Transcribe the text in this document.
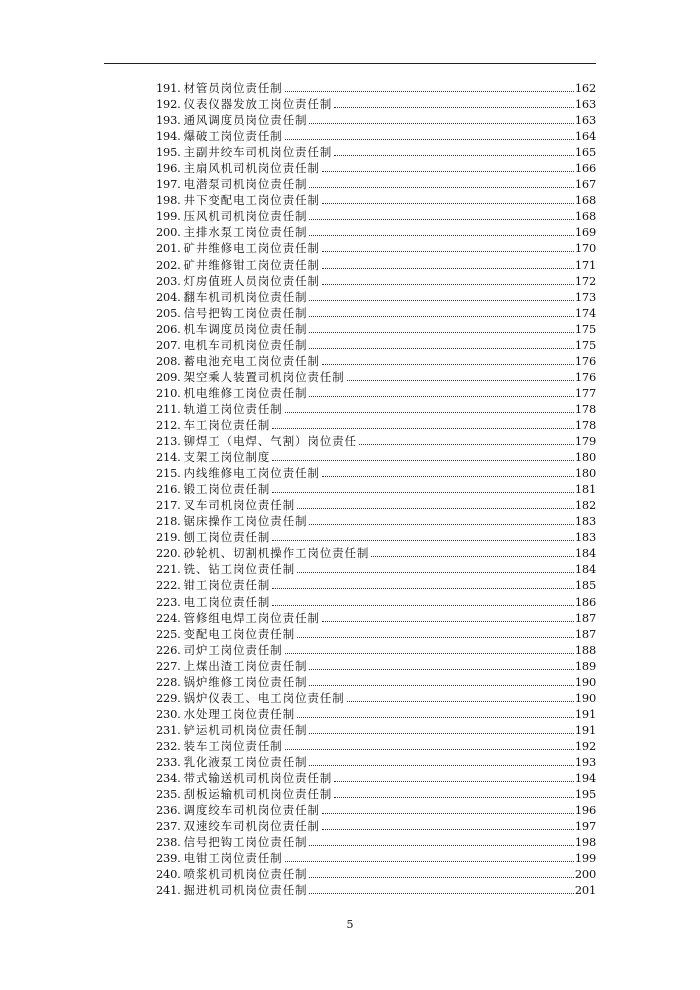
191. 材管员岗位责任制	162
192. 仪表仪器发放工岗位责任制	163
193. 通风调度员岗位责任制	163
194. 爆破工岗位责任制	164
195. 主副井绞车司机岗位责任制	165
196. 主扇风机司机岗位责任制	166
197. 电潜泵司机岗位责任制	167
198. 井下变配电工岗位责任制	168
199. 压风机司机岗位责任制	168
200. 主排水泵工岗位责任制	169
201. 矿井维修电工岗位责任制	170
202. 矿井维修钳工岗位责任制	171
203. 灯房值班人员岗位责任制	172
204. 翻车机司机岗位责任制	173
205. 信号把钩工岗位责任制	174
206. 机车调度员岗位责任制	175
207. 电机车司机岗位责任制	175
208. 蓄电池充电工岗位责任制	176
209. 架空乘人装置司机岗位责任制	176
210. 机电维修工岗位责任制	177
211. 轨道工岗位责任制	178
212. 车工岗位责任制	178
213. 铆焊工（电焊、气割）岗位责任	179
214. 支架工岗位制度	180
215. 内线维修电工岗位责任制	180
216. 锻工岗位责任制	181
217. 叉车司机岗位责任制	182
218. 锯床操作工岗位责任制	183
219. 刨工岗位责任制	183
220. 砂轮机、切割机操作工岗位责任制	184
221. 铣、钻工岗位责任制	184
222. 钳工岗位责任制	185
223. 电工岗位责任制	186
224. 管修组电焊工岗位责任制	187
225. 变配电工岗位责任制	187
226. 司炉工岗位责任制	188
227. 上煤出渣工岗位责任制	189
228. 锅炉维修工岗位责任制	190
229. 锅炉仪表工、电工岗位责任制	190
230. 水处理工岗位责任制	191
231. 铲运机司机岗位责任制	191
232. 装车工岗位责任制	192
233. 乳化液泵工岗位责任制	193
234. 带式输送机司机岗位责任制	194
235. 刮板运输机司机岗位责任制	195
236. 调度绞车司机岗位责任制	196
237. 双速绞车司机岗位责任制	197
238. 信号把钩工岗位责任制	198
239. 电钳工岗位责任制	199
240. 喷浆机司机岗位责任制	200
241. 掘进机司机岗位责任制	201
5
